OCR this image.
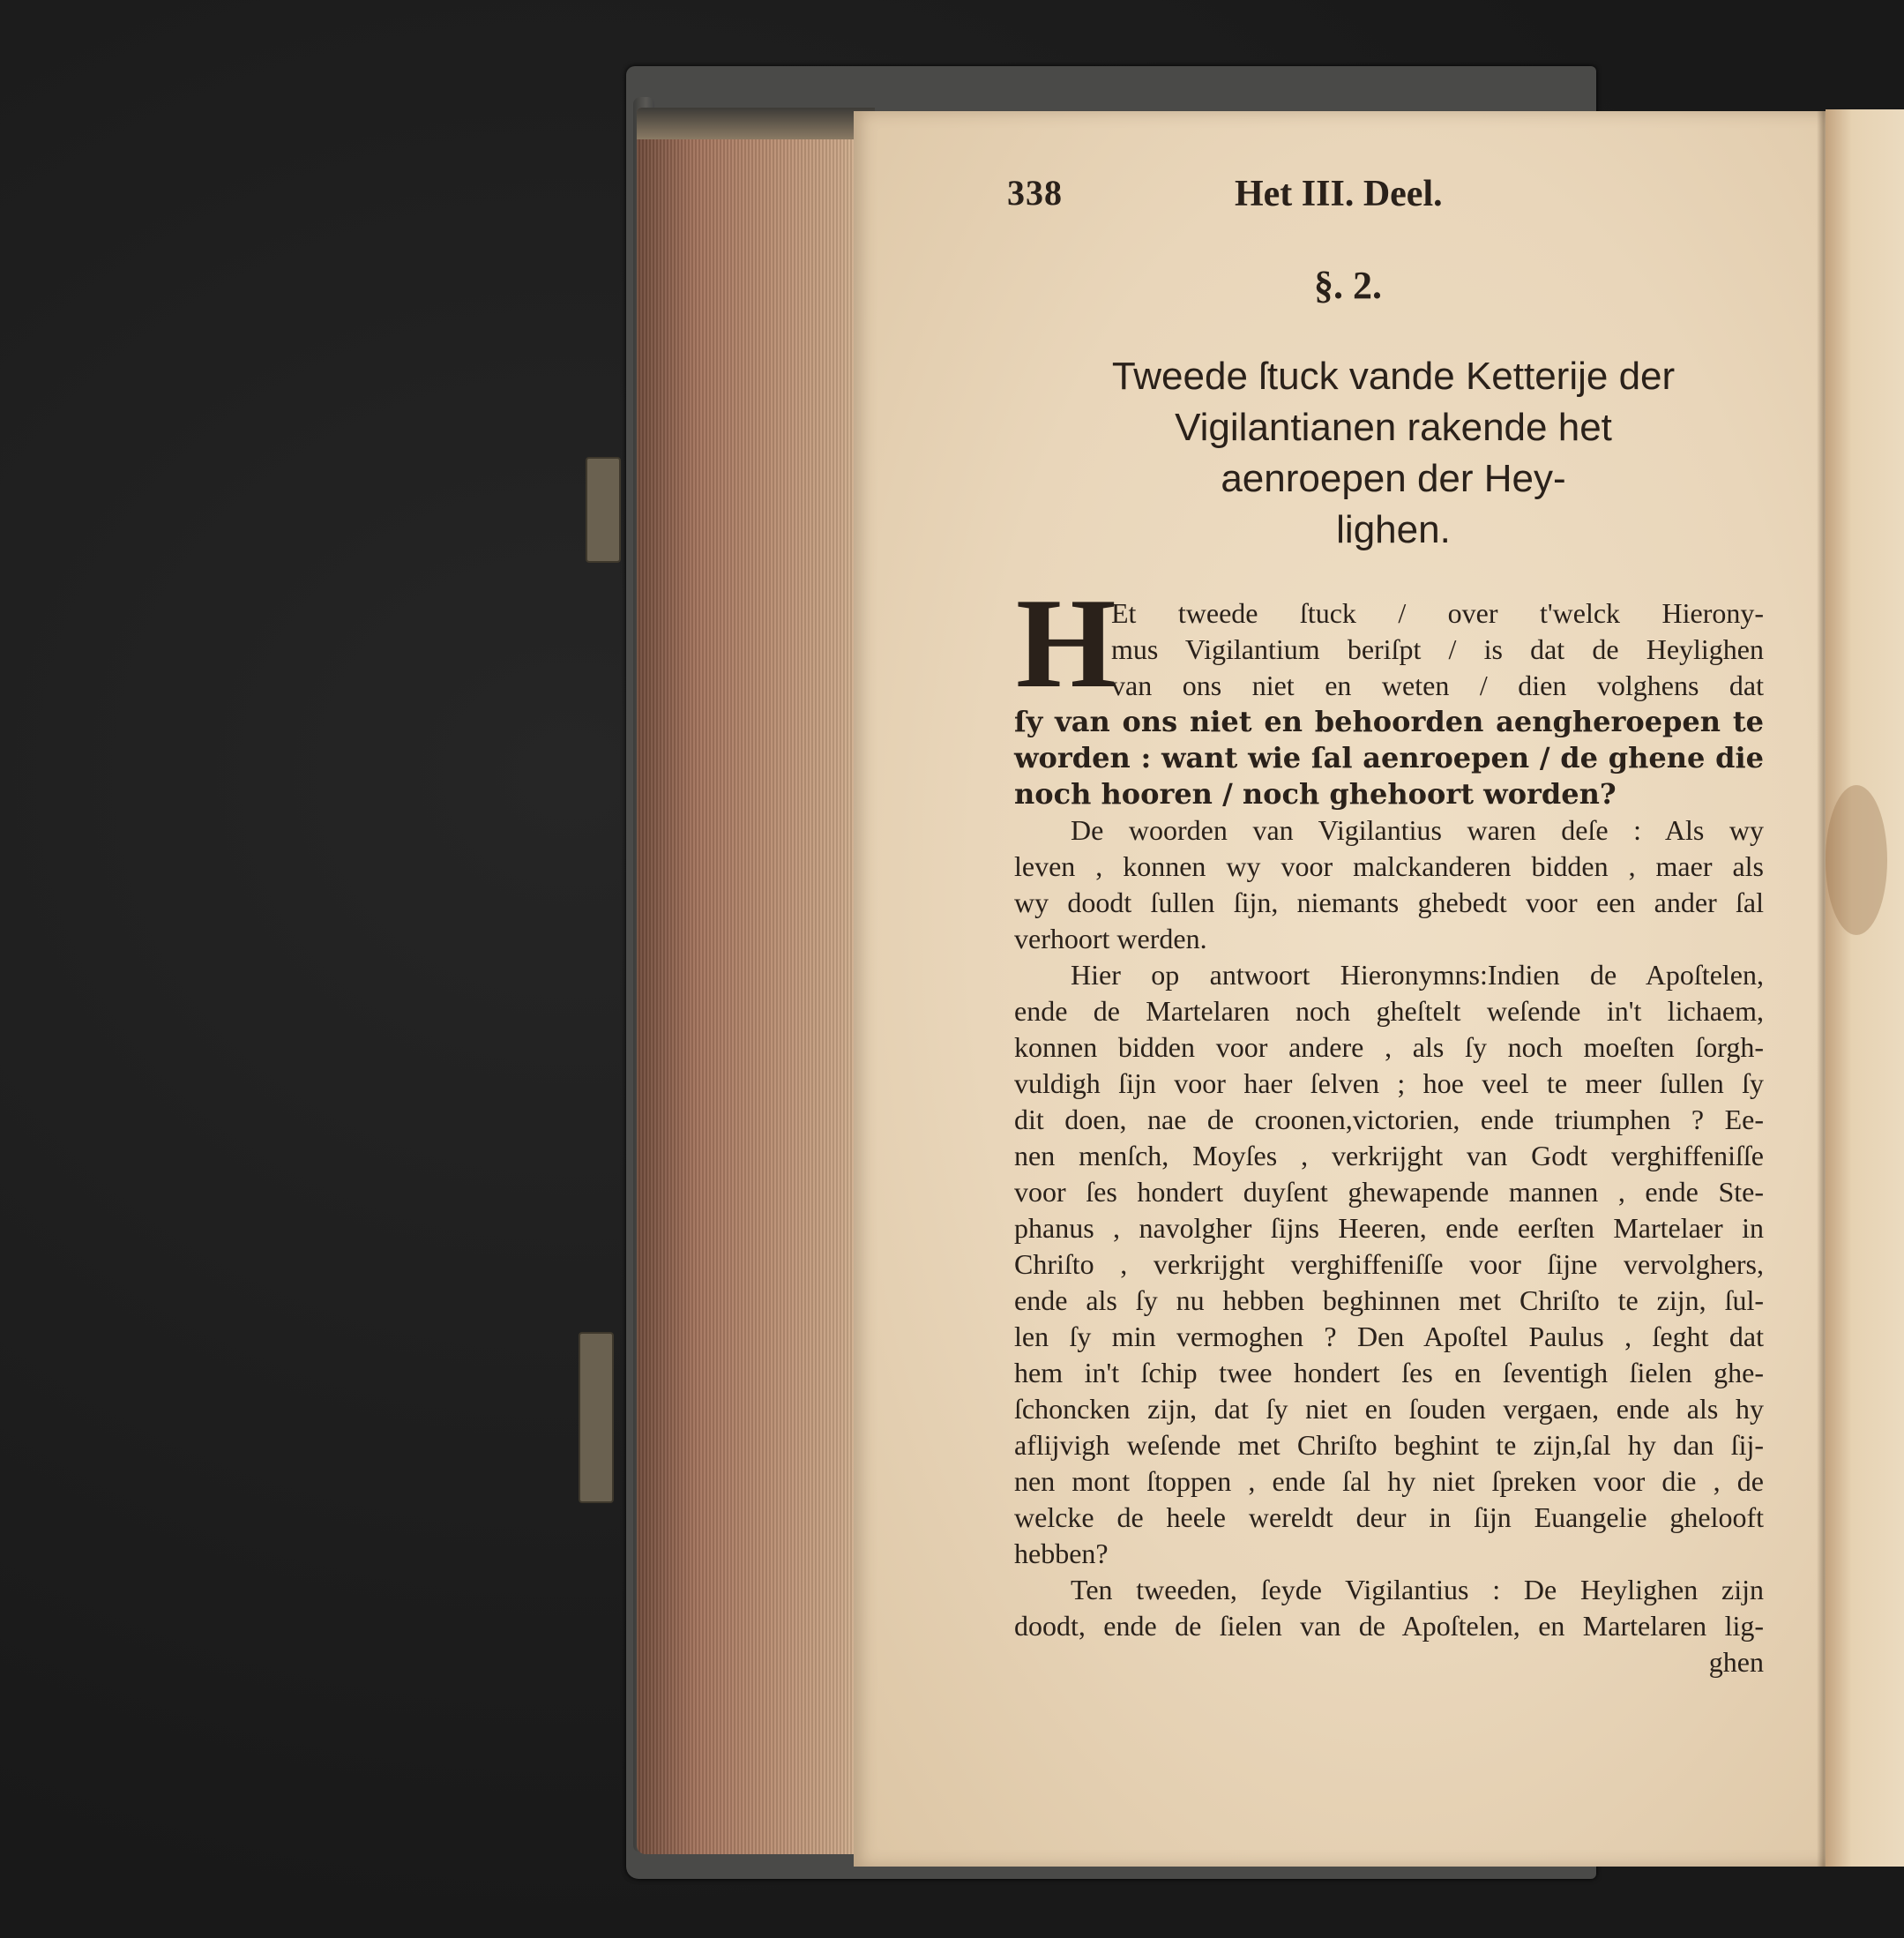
338	Het III. Deel.
§. 2.
Tweede ſtuck vande Ketterije der
Vigilantianen rakende het
aenroepen der Hey-
lighen.
H
Et tweede ſtuck / over t'welck Hierony-
mus Vigilantium beriſpt / is dat de Heylighen
van ons niet en weten / dien volghens dat
ſy van ons niet en behoorden aengheroepen te
worden : want wie ſal aenroepen / de ghene die
noch hooren / noch ghehoort worden?
De woorden van Vigilantius waren deſe : Als wy
leven , konnen wy voor malckanderen bidden , maer als
wy doodt ſullen ſijn, niemants ghebedt voor een ander ſal
verhoort werden.
Hier op antwoort Hieronymns:Indien de Apoſtelen,
ende de Martelaren noch gheſtelt weſende in't lichaem,
konnen bidden voor andere , als ſy noch moeſten ſorgh-
vuldigh ſijn voor haer ſelven ; hoe veel te meer ſullen ſy
dit doen, nae de croonen,victorien, ende triumphen ? Ee-
nen menſch, Moyſes , verkrijght van Godt verghiffeniſſe
voor ſes hondert duyſent ghewapende mannen , ende Ste-
phanus , navolgher ſijns Heeren, ende eerſten Martelaer in
Chriſto , verkrijght verghiffeniſſe voor ſijne vervolghers,
ende als ſy nu hebben beghinnen met Chriſto te zijn, ſul-
len ſy min vermoghen ? Den Apoſtel Paulus , ſeght dat
hem in't ſchip twee hondert ſes en ſeventigh ſielen ghe-
ſchoncken zijn, dat ſy niet en ſouden vergaen, ende als hy
aflijvigh weſende met Chriſto beghint te zijn,ſal hy dan ſij-
nen mont ſtoppen , ende ſal hy niet ſpreken voor die , de
welcke de heele wereldt deur in ſijn Euangelie ghelooft
hebben?
Ten tweeden, ſeyde Vigilantius : De Heylighen zijn
doodt, ende de ſielen van de Apoſtelen, en Martelaren lig-
ghen
